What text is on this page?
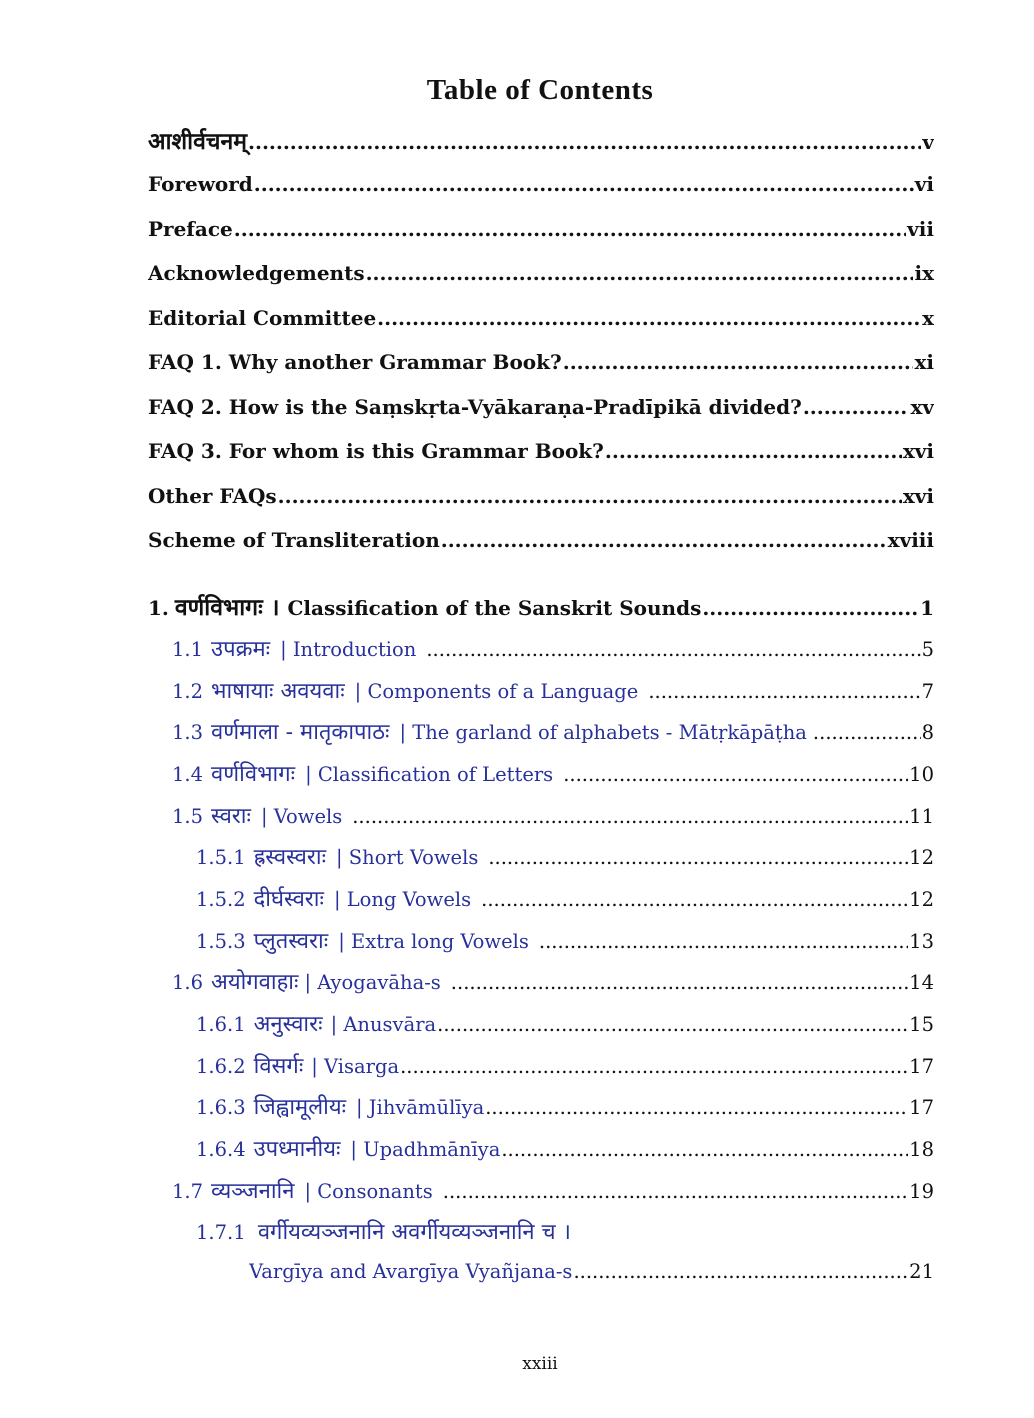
Table of Contents
आशीर्वचनम् .....	v
Foreword .....	vi
Preface .....	vii
Acknowledgements .....	ix
Editorial Committee .....	x
FAQ 1. Why another Grammar Book? .....	xi
FAQ 2. How is the Saṃskṛta-Vyākaraṇa-Pradīpikā divided? .....	xv
FAQ 3. For whom is this Grammar Book? .....	xvi
Other FAQs .....	xvi
Scheme of Transliteration .....	xviii
1. वर्णविभागः । Classification of the Sanskrit Sounds .....	1
1.1 उपक्रमः | Introduction .....	5
1.2 भाषायाः अवयवाः | Components of a Language .....	7
1.3 वर्णमाला - मातृकापाठः | The garland of alphabets - Mātṛkāpāṭha .....	8
1.4 वर्णविभागः | Classification of Letters .....	10
1.5 स्वराः | Vowels .....	11
1.5.1 ह्रस्वस्वराः | Short Vowels .....	12
1.5.2 दीर्घस्वराः | Long Vowels .....	12
1.5.3 प्लुतस्वराः | Extra long Vowels .....	13
1.6 अयोगवाहाः | Ayogavāha-s .....	14
1.6.1 अनुस्वारः | Anusvāra .....	15
1.6.2 विसर्गः | Visarga .....	17
1.6.3 जिह्वामूलीयः | Jihvāmūlīya .....	17
1.6.4 उपध्मानीयः | Upadhmānīya .....	18
1.7 व्यञ्जनानि | Consonants .....	19
1.7.1 वर्गीयव्यञ्जनानि अवर्गीयव्यञ्जनानि च ।
Vargīya and Avargīya Vyañjana-s .....	21
xxiii
